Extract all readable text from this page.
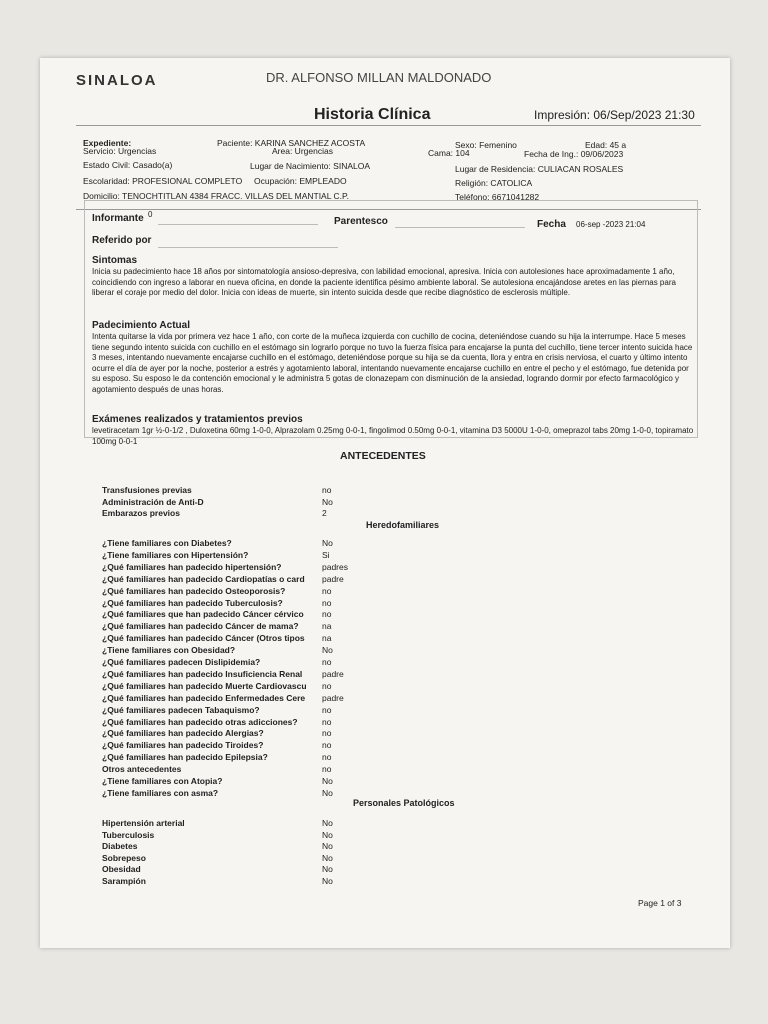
SINALOA	DR. ALFONSO MILLAN MALDONADO
Historia Clínica	Impresión: 06/Sep/2023 21:30
Expediente:
Servicio: Urgencias
Estado Civil: Casado(a)
Escolaridad: PROFESIONAL COMPLETO
Domicilio: TENOCHTITLAN 4384 FRACC. VILLAS DEL MANTIAL C.P.
Paciente: KARINA SANCHEZ ACOSTA
Area: Urgencias
Lugar de Nacimiento: SINALOA
Ocupación: EMPLEADO
Sexo: Femenino
Cama: 104
Edad: 45 a
Fecha de Ing.: 09/06/2023
Lugar de Residencia: CULIACAN ROSALES
Religión: CATOLICA
Teléfono: 6671041282
Informante 0
Parentesco	Fecha 06-sep -2023 21:04
Referido por
Sintomas
Inicia su padecimiento hace 18 años por sintomatología ansioso-depresiva, con labilidad emocional, apresiva. Inicia con autolesiones hace aproximadamente 1 año, coincidiendo con ingreso a laborar en nueva oficina, en donde la paciente identifica pésimo ambiente laboral. Se autolesiona encajándose aretes en las piernas para liberar el coraje por medio del dolor. Inicia con ideas de muerte, sin intento suicida desde que recibe diagnóstico de esclerosis múltiple.
Padecimiento Actual
Intenta quitarse la vida por primera vez hace 1 año, con corte de la muñeca izquierda con cuchillo de cocina, deteniéndose cuando su hija la interrumpe. Hace 5 meses tiene segundo intento suicida con cuchillo en el estómago sin lograrlo porque no tuvo la fuerza física para encajarse la punta del cuchillo, tiene tercer intento suicida hace 3 meses, intentando nuevamente encajarse cuchillo en el estómago, deteniéndose porque su hija se da cuenta, llora y entra en crisis nerviosa, el cuarto y último intento ocurre el día de ayer por la noche, posterior a estrés y agotamiento laboral, intentando nuevamente encajarse cuchillo en entre el pecho y el estómago, fue detenida por su esposo. Su esposo le da contención emocional y le administra 5 gotas de clonazepam con disminución de la ansiedad, logrando dormir por efecto farmacológico y agotamiento después de unas horas.
Exámenes realizados y tratamientos previos
levetiracetam 1gr ½-0-1/2 , Duloxetina 60mg 1-0-0, Alprazolam 0.25mg 0-0-1, fingolimod 0.50mg 0-0-1, vitamina D3 5000U 1-0-0, omeprazol tabs 20mg 1-0-0, topiramato 100mg 0-0-1
ANTECEDENTES
Transfusiones previas	no
Administración de Anti-D	No
Embarazos previos	2
Heredofamiliares
¿Tiene familiares con Diabetes?	No
¿Tiene familiares con Hipertensión?	Si
¿Qué familiares han padecido hipertensión?	padres
¿Qué familiares han padecido Cardiopatías o card	padre
¿Qué familiares han padecido Osteoporosis?	no
¿Qué familiares han padecido Tuberculosis?	no
¿Qué familiares que han padecido Cáncer cérvico	no
¿Qué familiares han padecido Cáncer de mama?	na
¿Qué familiares han padecido Cáncer (Otros tipos	na
¿Tiene familiares con Obesidad?	No
¿Qué familiares padecen Dislipidemia?	no
¿Qué familiares han padecido Insuficiencia Renal	padre
¿Qué familiares han padecido Muerte Cardiovascu	no
¿Qué familiares han padecido Enfermedades Cere	padre
¿Qué familiares padecen Tabaquismo?	no
¿Qué familiares han padecido otras adicciones?	no
¿Qué familiares han padecido Alergias?	no
¿Qué familiares han padecido Tiroides?	no
¿Qué familiares han padecido Epilepsia?	no
Otros antecedentes	no
¿Tiene familiares con Atopia?	No
¿Tiene familiares con asma?	No
Personales Patológicos
Hipertensión arterial	No
Tuberculosis	No
Diabetes	No
Sobrepeso	No
Obesidad	No
Sarampión	No
Page 1 of 3
